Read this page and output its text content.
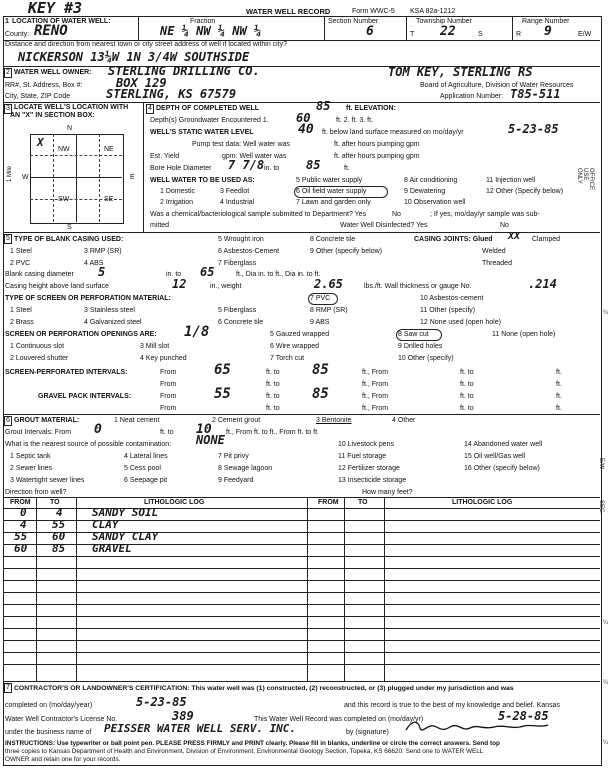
KEY #3	WATER WELL RECORD	Form WWC-5 KSA 82a-1212
1 LOCATION OF WATER WELL:	Fraction	Section Number	Township Number	Range Number
County: RENO	NE ¼ NW ¼ NW ¼	6	T 22	S	R 9	E/W
Distance and direction from nearest town or city street address of well if located within city?
NICKERSON 13¼W 1N 3/4W SOUTHSIDE
2 WATER WELL OWNER: STERLING DRILLING CO.	TOM KEY, STERLING RS
RR#, St. Address, Box #:	BOX 129	Board of Agriculture, Division of Water Resources
City, State, ZIP Code	STERLING, KS 67579	Application Number: T85-511
3 LOCATE WELL'S LOCATION WITH
AN "X" IN SECTION BOX:
4
N
S
W	E
1 Mile
NW	NE
SW	SE
X
DEPTH OF COMPLETED WELL	85 ft. ELEVATION:
Depth(s) Groundwater Encountered 1. 60	ft. 2. ft. 3. ft.
WELL'S STATIC WATER LEVEL	40 ft. below land surface measured on mo/day/yr	5-23-85
Pump test data: Well water was	ft. after hours pumping gpm
Est. Yield	gpm: Well water was	ft. after hours pumping gpm
Bore Hole Diameter 7 7/8 in. to 85	ft.
WELL WATER TO BE USED AS:
1 Domestic	3 Feedlot
5 Public water supply	8 Air conditioning	11 Injection well
2 Irrigation	4 Industrial
6 Oil field water supply	9 Dewatering	12 Other (Specify below)
7 Lawn and garden only	10 Observation well
Was a chemical/bacteriological sample submitted to Department? Yes	No	; If yes, mo/day/yr sample was sub-
mitted	Water Well Disinfected? Yes	No
5 TYPE OF BLANK CASING USED:
1 Steel	3 RMP (SR)
5 Wrought iron
6 Asbestos-Cement
8 Concrete tile
9 Other (specify below)
2 PVC	4 ABS	7 Fiberglass
CASING JOINTS: Glued XX Clamped
Welded
Threaded
Blank casing diameter 5	in. to 65	ft., Dia in. to ft., Dia in. to ft.
Casing height above land surface	12	in., weight	2.65	lbs./ft. Wall thickness or gauge No.	.214
TYPE OF SCREEN OR PERFORATION MATERIAL:
1 Steel	3 Stainless steel	5 Fiberglass
7 PVC
8 RMP (SR)
9 ABS
10 Asbestos-cement
11 Other (specify)
12 None used (open hole)
2 Brass	4 Galvanized steel	6 Concrete tile
SCREEN OR PERFORATION OPENINGS ARE: 1/8	5 Gauzed wrapped	8 Saw cut	11 None (open hole)
1 Continuous slot	3 Mill slot	6 Wire wrapped	9 Drilled holes
2 Louvered shutter	4 Key punched	7 Torch cut	10 Other (specify)
SCREEN-PERFORATED INTERVALS:	From	65	ft. to 85	ft., From	ft. to	ft.
From	ft. to	ft., From	ft. to	ft.
GRAVEL PACK INTERVALS:	From	55	ft. to 85	ft., From	ft. to	ft.
From	ft. to	ft., From	ft. to	ft.
6 GROUT MATERIAL:	1 Neat cement	2 Cement grout	3 Bentonite	4 Other
Grout Intervals: From 0	ft. to 10 ft., From ft. to ft., From ft. to ft.
What is the nearest source of possible contamination: NONE
1 Septic tank	4 Lateral lines	7 Pit privy
10 Livestock pens	14 Abandoned water well
2 Sewer lines	5 Cess pool	8 Sewage lagoon
11 Fuel storage	15 Oil well/Gas well
3 Watertight sewer lines	6 Seepage pit	9 Feedyard
12 Fertilizer storage	16 Other (specify below)
13 Insecticide storage
Direction from well?	How many feet?
FROM	TO	LITHOLOGIC LOG	FROM	TO	LITHOLOGIC LOG
0	4	SANDY SOIL
4 55 CLAY
55 60 SANDY CLAY
60 85 GRAVEL
7 CONTRACTOR'S OR LANDOWNER'S CERTIFICATION: This water well was (1) constructed, (2) reconstructed, or (3) plugged under my jurisdiction and was
completed on (mo/day/year)	5-23-85	and this record is true to the best of my knowledge and belief. Kansas
Water Well Contractor's License No.	389	This Water Well Record was completed on (mo/day/yr)	5-28-85
under the business name of PEISSER WATER WELL SERV. INC.	by (signature)
INSTRUCTIONS: Use typewriter or ball point pen. PLEASE PRESS FIRMLY and PRINT clearly. Please fill in blanks, underline or circle the correct answers. Send top
three copies to Kansas Department of Health and Environment, Division of Environment, Environmental Geology Section, Topeka, KS 66620. Send one to WATER WELL
OWNER and retain one for your records.
OFFICE USE ONLY
E/W
SEC.
¼
¼
¼
¼
